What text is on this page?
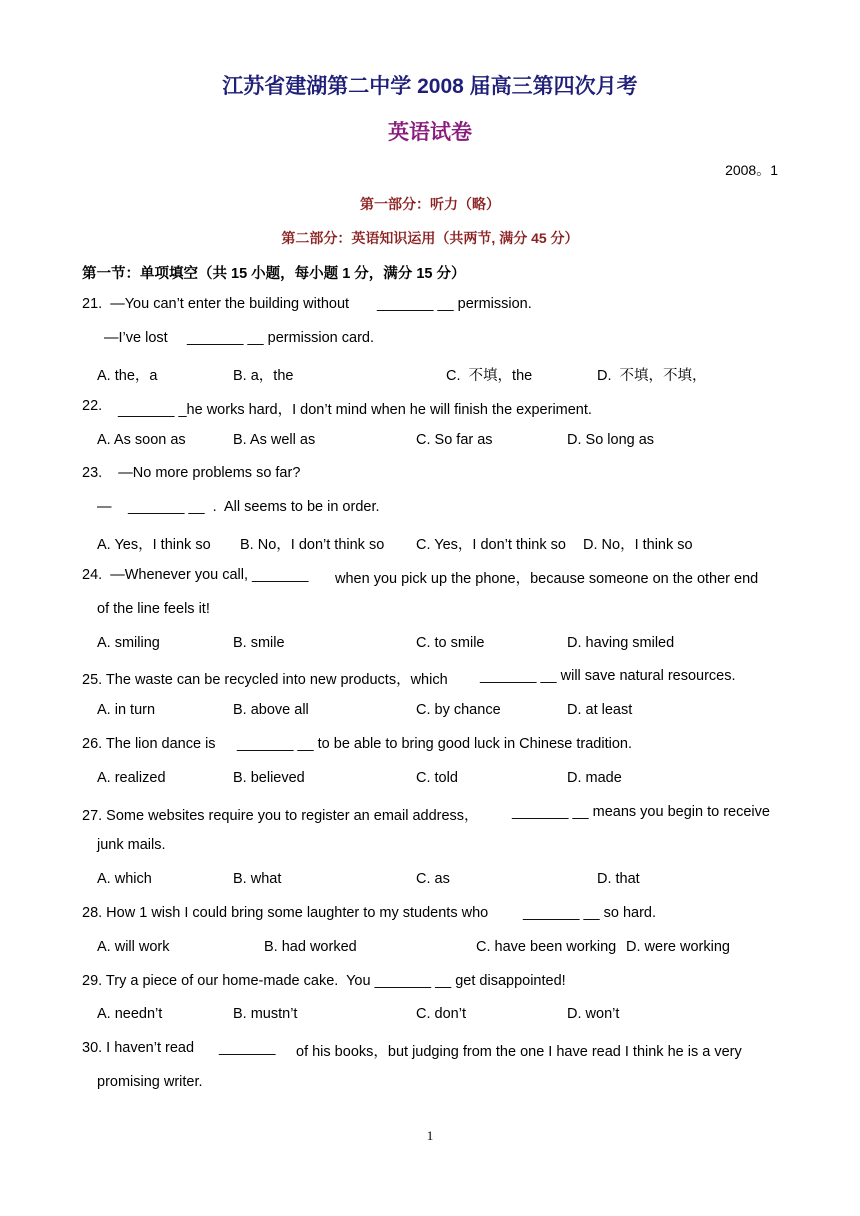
江苏省建湖第二中学 2008 届高三第四次月考
英语试卷
2008。1
第一部分：听力（略）
第二部分：英语知识运用（共两节, 满分 45 分）
第一节：单项填空（共 15 小题，每小题 1 分，满分 15 分）
21.  —You can’t enter the building without _______ __ permission.
—I’ve lost _______ __ permission card.
A. the，a	B. a，the	C.  不填，the	D.  不填，不填，
22. _______ _he works hard，I don’t mind when he will finish the experiment.
A. As soon as	B. As well as	C. So far as	D. So long as
23.    —No more problems so far?
— _______ __  .  All seems to be in order.
A. Yes，I think so B. No，I don’t think so C. Yes，I don’t think so D. No，I think so
24.  —Whenever you call, _______ when you pick up the phone，because someone on the other end
of the line feels it!
A. smiling	B. smile	C. to smile	D. having smiled
25. The waste can be recycled into new products，which _______ __ will save natural resources.
A. in turn	B. above all	C. by chance	D. at least
26. The lion dance is _______ __ to be able to bring good luck in Chinese tradition.
A. realized	B. believed	C. told	D. made
27. Some websites require you to register an email address， _______ __ means you begin to receive
junk mails.
A. which	B. what	C. as	D. that
28. How 1 wish I could bring some laughter to my students who _______ __ so hard.
A. will work	B. had worked	C. have been working D. were working
29. Try a piece of our home-made cake.  You _______ __ get disappointed!
A. needn’t	B. mustn’t	C. don’t	D. won’t
30. I haven’t read _______ of his books，but judging from the one I have read I think he is a very
promising writer.
1
